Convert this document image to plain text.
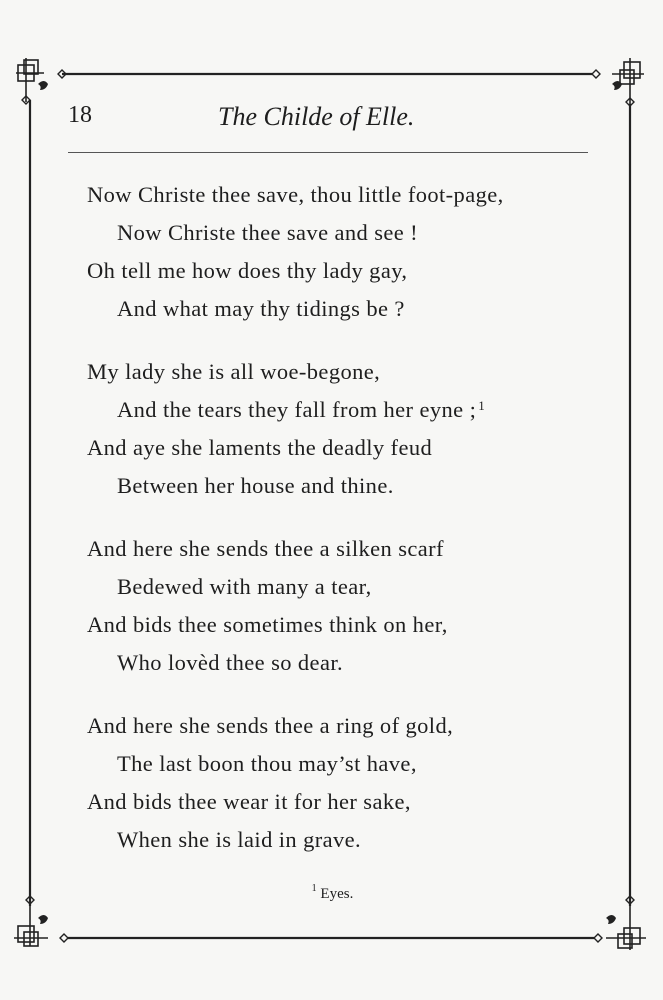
18	The Childe of Elle.
Now Christe thee save, thou little foot-page,
Now Christe thee save and see !
Oh tell me how does thy lady gay,
And what may thy tidings be ?
My lady she is all woe-begone,
And the tears they fall from her eyne ; $^1$
And aye she laments the deadly feud
Between her house and thine.
And here she sends thee a silken scarf
Bedewed with many a tear,
And bids thee sometimes think on her,
Who lovèd thee so dear.
And here she sends thee a ring of gold,
The last boon thou may’st have,
And bids thee wear it for her sake,
When she is laid in grave.
$^1$ Eyes.
